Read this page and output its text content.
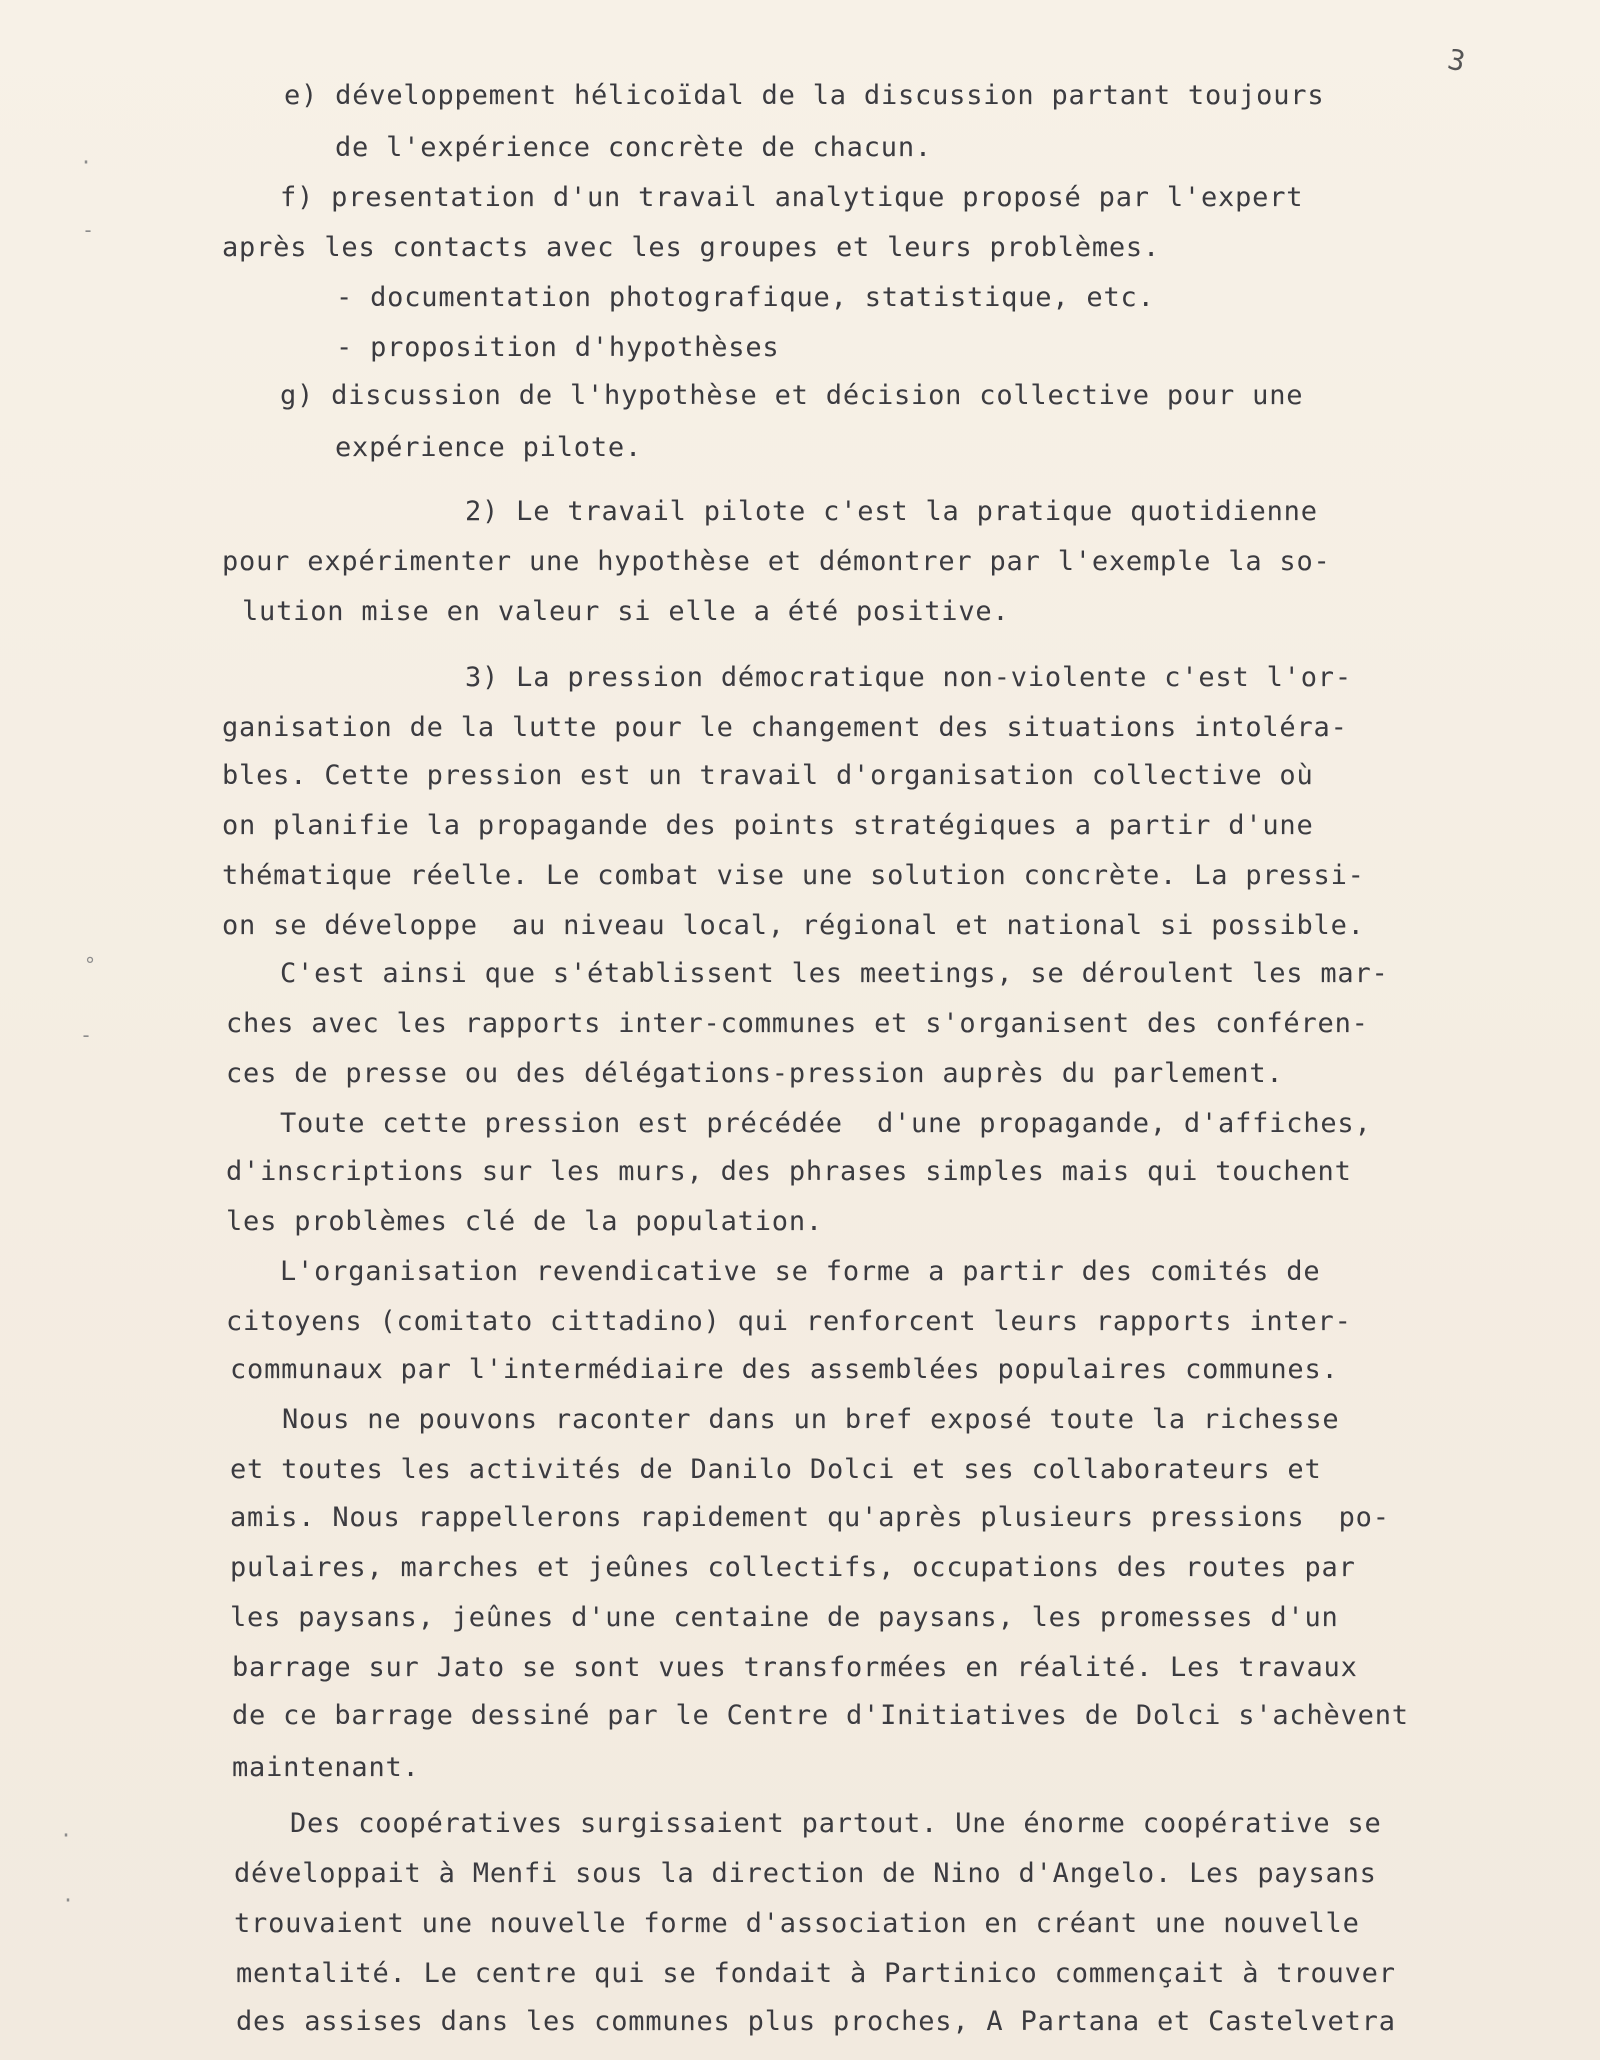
3
·
-
°
-
·
·
e) développement hélicoïdal de la discussion partant toujours
de l'expérience concrète de chacun.
f) presentation d'un travail analytique proposé par l'expert
après les contacts avec les groupes et leurs problèmes.
- documentation photografique, statistique, etc.
- proposition d'hypothèses
g) discussion de l'hypothèse et décision collective pour une
expérience pilote.
2) Le travail pilote c'est la pratique quotidienne
pour expérimenter une hypothèse et démontrer par l'exemple la so-
lution mise en valeur si elle a été positive.
3) La pression démocratique non-violente c'est l'or-
ganisation de la lutte pour le changement des situations intoléra-
bles. Cette pression est un travail d'organisation collective où
on planifie la propagande des points stratégiques a partir d'une
thématique réelle. Le combat vise une solution concrète. La pressi-
on se développe  au niveau local, régional et national si possible.
C'est ainsi que s'établissent les meetings, se déroulent les mar-
ches avec les rapports inter-communes et s'organisent des conféren-
ces de presse ou des délégations-pression auprès du parlement.
Toute cette pression est précédée  d'une propagande, d'affiches,
d'inscriptions sur les murs, des phrases simples mais qui touchent
les problèmes clé de la population.
L'organisation revendicative se forme a partir des comités de
citoyens (comitato cittadino) qui renforcent leurs rapports inter-
communaux par l'intermédiaire des assemblées populaires communes.
Nous ne pouvons raconter dans un bref exposé toute la richesse
et toutes les activités de Danilo Dolci et ses collaborateurs et
amis. Nous rappellerons rapidement qu'après plusieurs pressions  po-
pulaires, marches et jeûnes collectifs, occupations des routes par
les paysans, jeûnes d'une centaine de paysans, les promesses d'un
barrage sur Jato se sont vues transformées en réalité. Les travaux
de ce barrage dessiné par le Centre d'Initiatives de Dolci s'achèvent
maintenant.
Des coopératives surgissaient partout. Une énorme coopérative se
développait à Menfi sous la direction de Nino d'Angelo. Les paysans
trouvaient une nouvelle forme d'association en créant une nouvelle
mentalité. Le centre qui se fondait à Partinico commençait à trouver
des assises dans les communes plus proches, A Partana et Castelvetra
